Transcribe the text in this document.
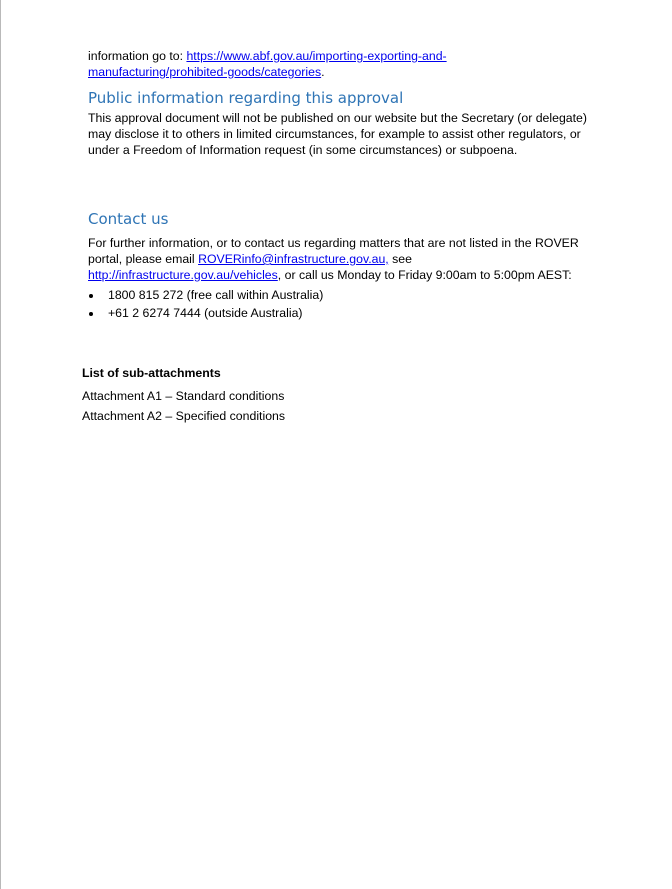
information go to: https://www.abf.gov.au/importing-exporting-and-
manufacturing/prohibited-goods/categories.
Public information regarding this approval
This approval document will not be published on our website but the Secretary (or delegate) may disclose it to others in limited circumstances, for example to assist other regulators, or under a Freedom of Information request (in some circumstances) or subpoena.
Contact us
For further information, or to contact us regarding matters that are not listed in the ROVER portal, please email ROVERinfo@infrastructure.gov.au, see
http://infrastructure.gov.au/vehicles, or call us Monday to Friday 9:00am to 5:00pm AEST:
1800 815 272 (free call within Australia)
+61 2 6274 7444 (outside Australia)
List of sub-attachments
Attachment A1 – Standard conditions
Attachment A2 – Specified conditions
